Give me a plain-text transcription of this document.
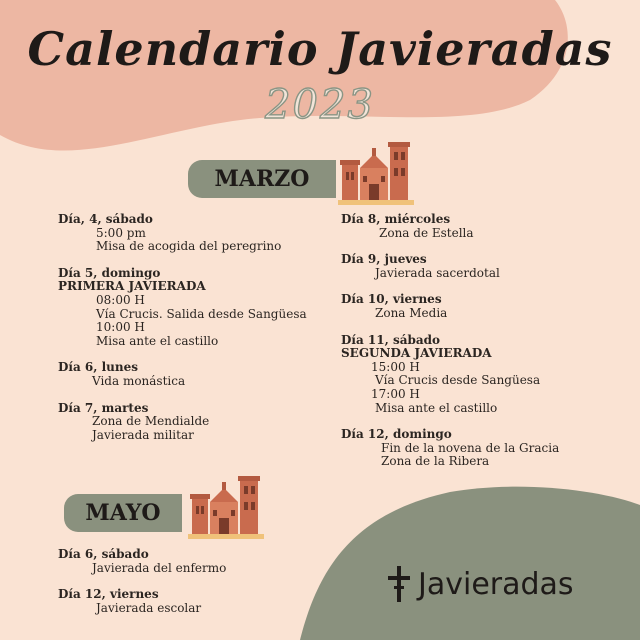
Calendario Javieradas
2023
MARZO
Día, 4, sábado
5:00 pm
Misa de acogida del peregrino
Día 5, domingo
PRIMERA JAVIERADA
08:00 H
Vía Crucis. Salida desde Sangüesa
10:00 H
Misa ante el castillo
Día 6, lunes
Vida monástica
Día 7, martes
Zona de Mendialde
Javierada militar
Día 8, miércoles
Zona de Estella
Día 9, jueves
Javierada sacerdotal
Día 10, viernes
Zona Media
Día 11, sábado
SEGUNDA JAVIERADA
15:00 H
Vía Crucis desde Sangüesa
17:00 H
Misa ante el castillo
Día 12, domingo
Fin de la novena de la Gracia
Zona de la Ribera
MAYO
Día 6, sábado
Javierada del enfermo
Día 12, viernes
Javierada escolar
Javieradas
